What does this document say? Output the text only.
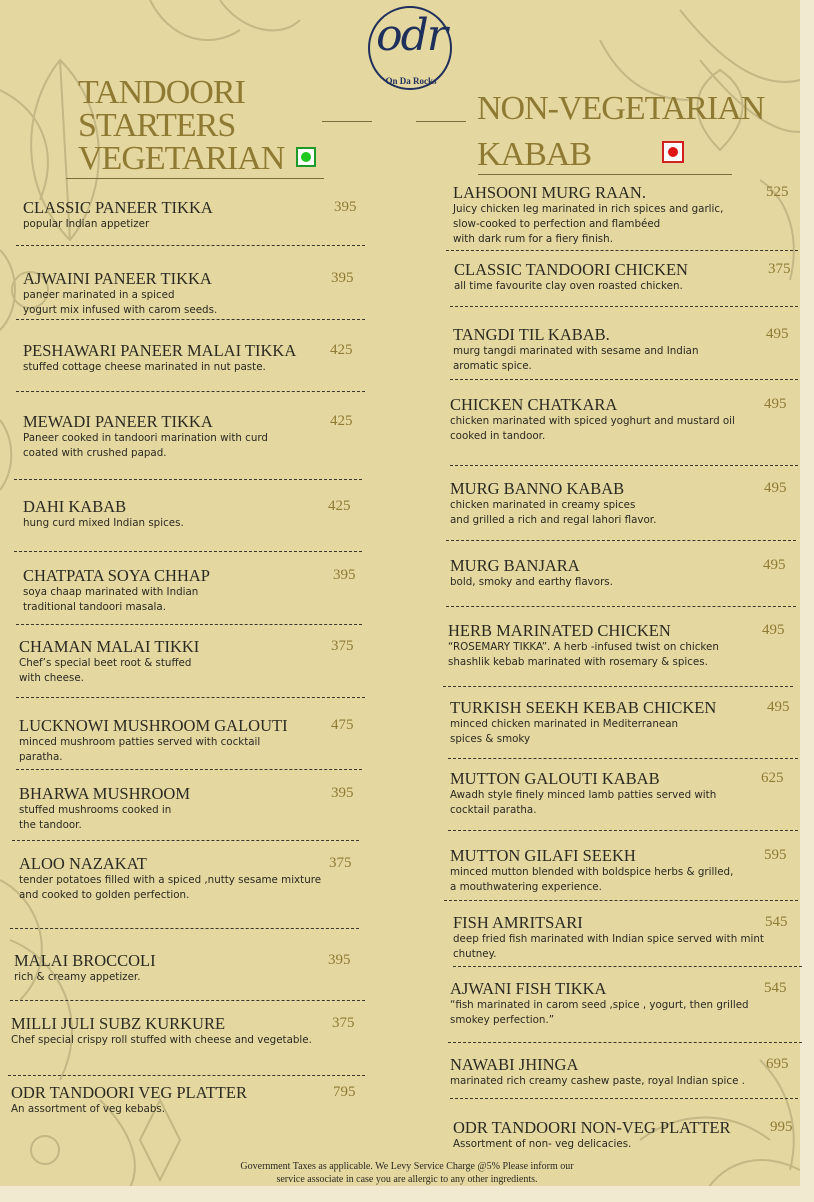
odr
On Da Rocks
TANDOORI
STARTERS
VEGETARIAN
NON-VEGETARIAN
KABAB
CLASSIC PANEER TIKKA
popular Indian appetizer
395
AJWAINI PANEER TIKKA
paneer marinated in a spiced
yogurt mix infused with carom seeds.
395
PESHAWARI PANEER MALAI TIKKA
stuffed cottage cheese marinated in nut paste.
425
MEWADI PANEER TIKKA
Paneer cooked in tandoori marination with curd
coated with crushed papad.
425
DAHI KABAB
hung curd mixed Indian spices.
425
CHATPATA SOYA CHHAP
soya chaap marinated with Indian
traditional tandoori masala.
395
CHAMAN MALAI TIKKI
Chef’s special beet root & stuffed
with cheese.
375
LUCKNOWI MUSHROOM GALOUTI
minced mushroom patties served with cocktail
paratha.
475
BHARWA MUSHROOM
stuffed mushrooms cooked in
the tandoor.
395
ALOO NAZAKAT
tender potatoes filled with a spiced ,nutty sesame mixture
and cooked to golden perfection.
375
MALAI BROCCOLI
rich & creamy appetizer.
395
MILLI JULI SUBZ KURKURE
Chef special crispy roll stuffed with cheese and vegetable.
375
ODR TANDOORI VEG PLATTER
An assortment of veg kebabs.
795
LAHSOONI MURG RAAN.
Juicy chicken leg marinated in rich spices and garlic,
slow-cooked to perfection and flambéed
with dark rum for a fiery finish.
525
CLASSIC TANDOORI CHICKEN
all time favourite clay oven roasted chicken.
375
TANGDI TIL KABAB.
murg tangdi marinated with sesame and Indian
aromatic spice.
495
CHICKEN CHATKARA
chicken marinated with spiced yoghurt and mustard oil
cooked in tandoor.
495
MURG BANNO KABAB
chicken marinated in creamy spices
and grilled a rich and regal lahori flavor.
495
MURG BANJARA
bold, smoky and earthy flavors.
495
HERB MARINATED CHICKEN
“ROSEMARY TIKKA”. A herb -infused twist on chicken
shashlik kebab marinated with rosemary & spices.
495
TURKISH SEEKH KEBAB CHICKEN
minced chicken marinated in Mediterranean
spices & smoky
495
MUTTON GALOUTI KABAB
Awadh style finely minced lamb patties served with
cocktail paratha.
625
MUTTON GILAFI SEEKH
minced mutton blended with boldspice herbs & grilled,
a mouthwatering experience.
595
FISH AMRITSARI
deep fried fish marinated with Indian spice served with mint
chutney.
545
AJWANI FISH TIKKA
“fish marinated in carom seed ,spice , yogurt, then grilled
smokey perfection.”
545
NAWABI JHINGA
marinated rich creamy cashew paste, royal Indian spice .
695
ODR TANDOORI NON-VEG PLATTER
Assortment of non- veg delicacies.
995
Government Taxes as applicable. We Levy Service Charge @5% Please inform our
service associate in case you are allergic to any other ingredients.
